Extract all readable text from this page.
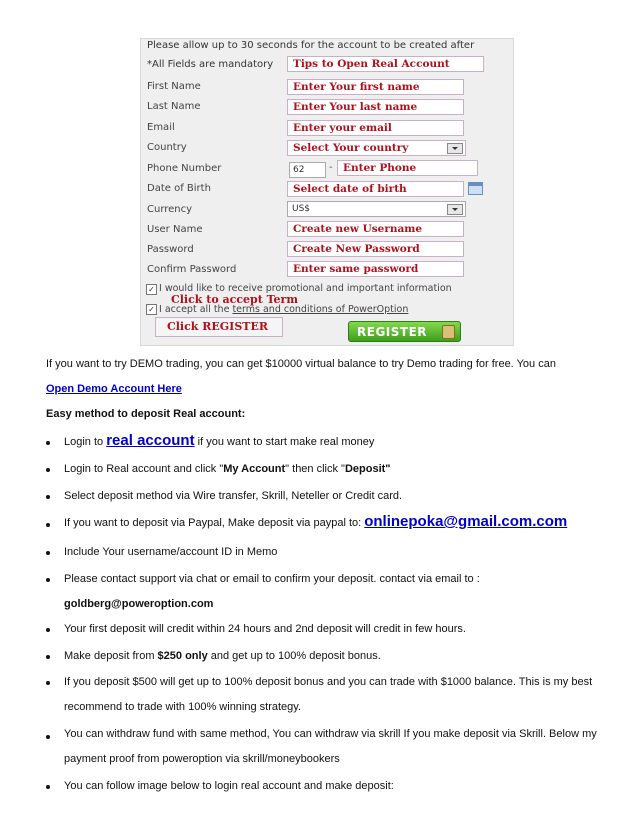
Please allow up to 30 seconds for the account to be created after
*All Fields are mandatory	Tips to Open Real Account
First Name	Enter Your first name
Last Name	Enter Your last name
Email	Enter your email
Country	Select Your country
Phone Number	62	- Enter Phone
Date of Birth	Select date of birth
Currency	US$
User Name	Create new Username
Password	Create New Password
Confirm Password	Enter same password
✓ I would like to receive promotional and important information
✓ I accept all the terms and conditions of PowerOption
Click to accept Term
Click REGISTER	REGISTER
If you want to try DEMO trading, you can get $10000 virtual balance to try Demo trading for free. You can
Open Demo Account Here
Easy method to deposit Real account:
Login to real account if you want to start make real money
Login to Real account and click "My Account" then click "Deposit"
Select deposit method via Wire transfer, Skrill, Neteller or Credit card.
If you want to deposit via Paypal, Make deposit via paypal to: onlinepoka@gmail.com.com
Include Your username/account ID in Memo
Please contact support via chat or email to confirm your deposit. contact via email to :
goldberg@poweroption.com
Your first deposit will credit within 24 hours and 2nd deposit will credit in few hours.
Make deposit from $250 only and get up to 100% deposit bonus.
If you deposit $500 will get up to 100% deposit bonus and you can trade with $1000 balance. This is my best
recommend to trade with 100% winning strategy.
You can withdraw fund with same method, You can withdraw via skrill If you make deposit via Skrill. Below my
payment proof from poweroption via skrill/moneybookers
You can follow image below to login real account and make deposit:
